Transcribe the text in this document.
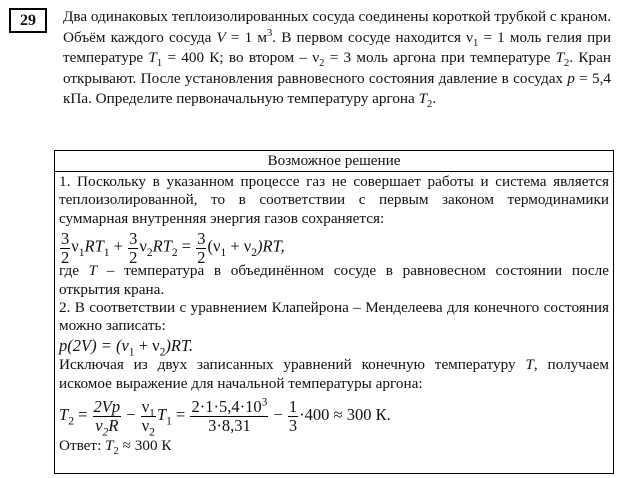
29	Два одинаковых теплоизолированных сосуда соединены короткой трубкой с краном. Объём каждого сосуда V = 1 $м^3$. В первом сосуде находится $\nu_1 = 1$ моль гелия при температуре $T_1 = 400$ К; во втором – $\nu_2 = 3$ моль аргона при температуре $T_2$. Кран открывают. После установления равновесного состояния давление в сосудах p = 5,4 кПа. Определите первоначальную температуру аргона $T_2$.

Возможное решение

1. Поскольку в указанном процессе газ не совершает работы и система является теплоизолированной, то в соответствии с первым законом термодинамики суммарная внутренняя энергия газов сохраняется:

$\frac{3}{2} \nu_1RT_1 + \frac{3}{2} \nu_2RT_2 = \frac{3}{2} (\nu_1 + \nu_2)RT$,

где T – температура в объединённом сосуде в равновесном состоянии после открытия крана.

2. В соответствии с уравнением Клапейрона – Менделеева для конечного состояния можно записать:

$p(2V) = (\nu_1 + \nu_2)RT$.

Исключая из двух записанных уравнений конечную температуру T, получаем искомое выражение для начальной температуры аргона:

$T_2 = \frac{2Vp}{\nu_2R} - \frac{\nu_1}{\nu_2} T_1 = \frac{2\cdot 1\cdot 5,4\cdot 10^3}{3\cdot 8,31} - \frac{1}{3} \cdot 400 \approx 300$ К.

Ответ: $T_2 \approx 300$ К
